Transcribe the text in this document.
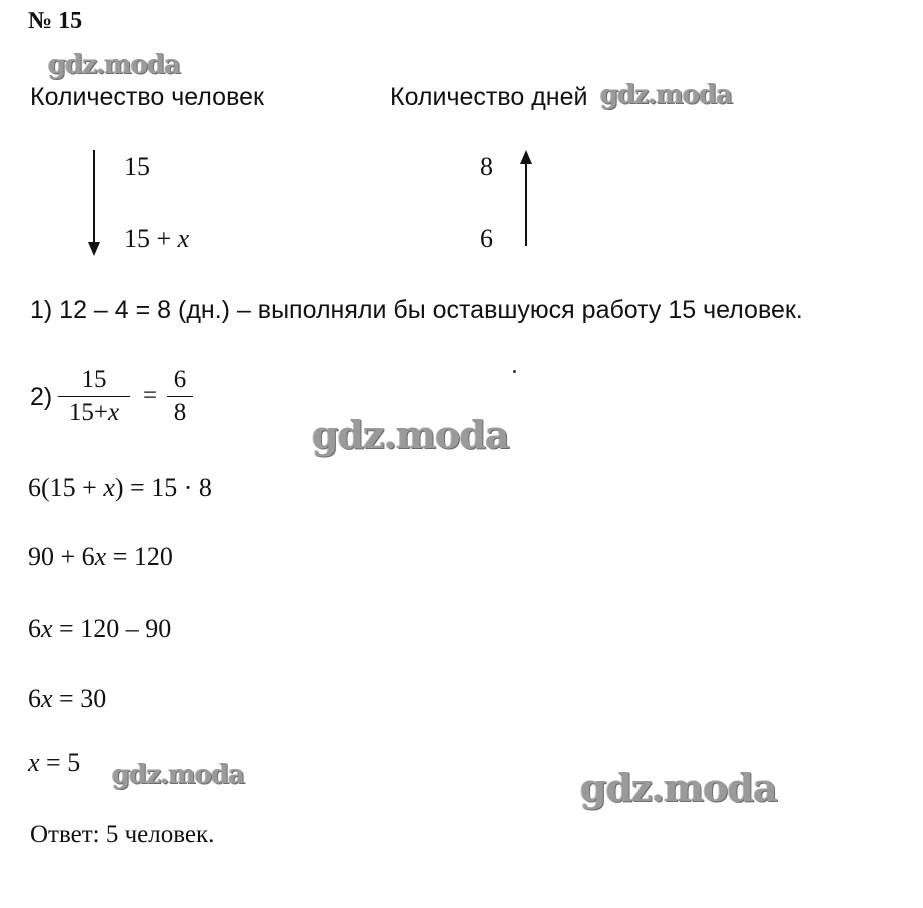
№ 15
Количество человек	Количество дней
15
15 + x
8
6
1) 12 – 4 = 8 (дн.) – выполняли бы оставшуюся работу 15 человек.
2)
15
15+x
=
6
8
6(15 + x) = 15 · 8
90 + 6x = 120
6x = 120 – 90
6x = 30
x = 5
Ответ: 5 человек.
gdz.moda
gdz.moda
gdz.moda
gdz.moda	gdz.moda
